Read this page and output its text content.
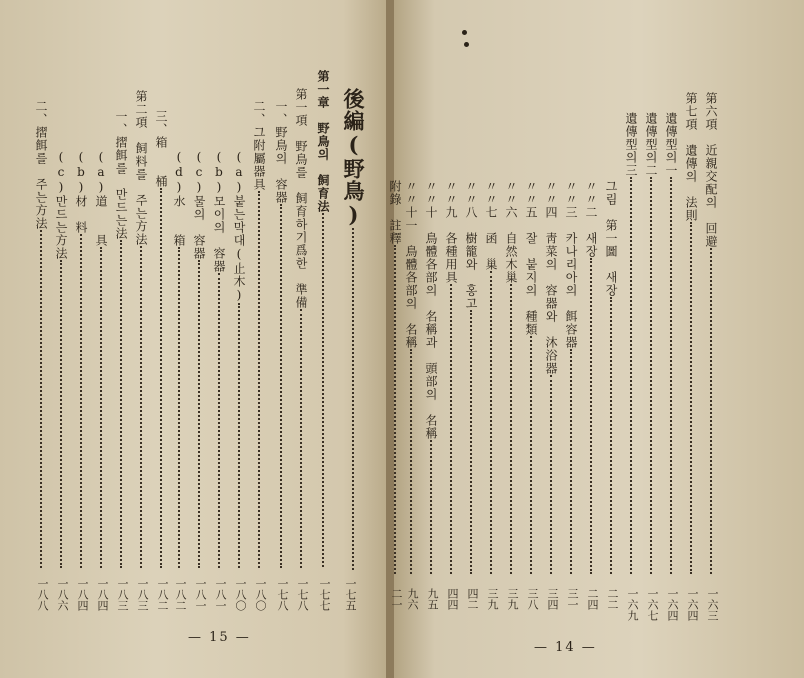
後編(野鳥)
一七五
第一章　野鳥의　飼育法
一七七
第一項　野鳥를　飼育하기爲한　準備
一七八
一、野鳥의　容器
一七八
二、그附屬器具
一八〇
(a)붙는막대(止木)
一八〇
(b)모이의　容器
一八一
(c)물의　容器
一八一
(d)水　　箱
一八二
三、箱　　桶
一八二
第二項　飼料를　주는方法
一八三
一、摺餌를　만드는法
一八三
(a)道　　具
一八四
(b)材　料
一八四
(c)만드는方法
一八六
二、摺餌를　주는方法
一八八
— 15 —
第六項　近親交配의　回避
一六三
第七項　遺傳의　法則
一六四
遺傳型의一
一六四
遺傳型의二
一六七
遺傳型의三
一六九
그림　第一圖　새장
二二
〃〃二　새장
二四
〃〃三　카나리아의　餌容器
三一
〃〃四　靑菜의　容器와　沐浴器
三四
〃〃五　잘　붙지의　種類
三八
〃〃六　自然木巢
三九
〃〃七　函　巢
三九
〃〃八　樹籠와　홍고
四二
〃〃九　各種用具
四四
〃〃十　鳥體各部의　名稱과　頭部의　名稱
九五
〃〃十一　鳥體各部의　名稱
九六
附錄　註釋
二一
— 14 —
